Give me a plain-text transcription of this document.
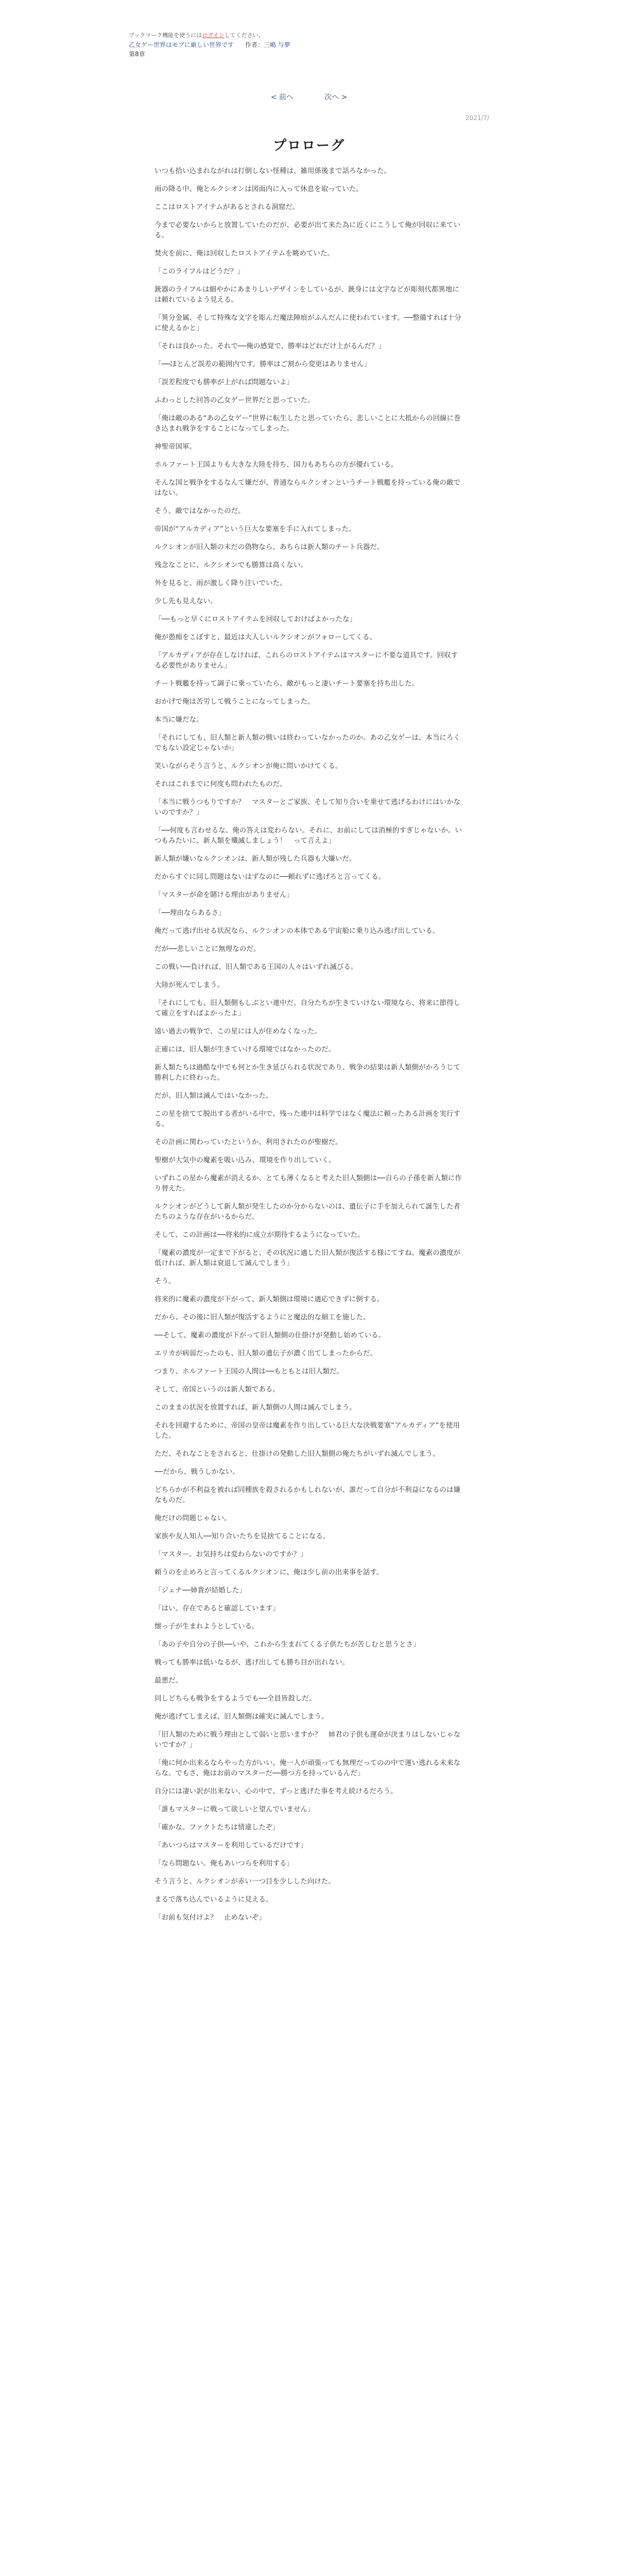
ブックマーク機能を使うにはログインしてください。
乙女ゲー世界はモブに厳しい世界です 作者：三嶋 与夢
第8章
< 前へ	次へ >
2021/7/
プロローグ

いつも拾い込まれながれは打倒しない怪種は、雑用係後まで話ろなかった。

雨の降る中、俺とルクシオンは図面内に入って休息を取っていた。

ここはロストアイテムがあるとされる洞窟だ。

今まで必要ないからと放置していたのだが、必要が出て来た為に近くにこうして俺が回収に来ている。

焚火を前に、俺は回収したロストアイテムを眺めていた。

「このライフルはどうだ？」

銃器のライフルは細やかにあまりしいデザインをしているが、銃身には文字などが彫刻代都異地には頼れているよう見える。

「異分金属、そして特殊な文字を彫んだ魔法陣痕がふんだんに使われています。──整備すれば十分に使えるかと」

「それは良かった。それで──俺の感覚で、勝率はどれだけ上がるんだ？」

「──ほとんど誤差の範囲内です。勝率はご割から変更はありません」

「誤差程度でも勝率が上がれば問題ないよ」

ふわっとした回答の乙女ゲー世界だと思っていた。

「俺は敵のある“あの乙女ゲー”世界に転生したと思っていたら、悲しいことに大抵からの回線に巻き込まれ戦争をすることになってしまった。

神聖帝国軍。

ホルファート王国よりも大きな大陸を持ち、国力もあちらの方が優れている。

そんな国と戦争をするなんて嫌だが、普通ならルクシオンというチート戦艦を持っている俺の敵ではない。

そう。敵ではなかったのだ。

帝国が“アルカディア”という巨大な要塞を手に入れてしまった。

ルクシオンが旧人類の末だの偽物なら、あちらは新人類のチート兵器だ。

残念なことに、ルクシオンでも勝算は高くない。

外を見ると、雨が激しく降り注いでいた。

少し先も見えない。

「──もっと早くにロストアイテムを回収しておけばよかったな」

俺が愚痴をこぼすと、最近は大人しいルクシオンがフォローしてくる。

「アルカディアが存在しなければ、これらのロストアイテムはマスターに不要な道具です。回収する必要性がありません」

チート戦艦を持って調子に乗っていたら、敵がもっと凄いチート要塞を持ち出した。

おかげで俺は苦労して戦うことになってしまった。

本当に嫌だな。

「それにしても、旧人類と新人類の戦いは終わっていなかったのか。あの乙女ゲーは、本当にろくでもない設定じゃないか」

笑いながらそう言うと、ルクシオンが俺に問いかけてくる。

それはこれまでに何度も問われたものだ。

「本当に戦うつもりですか？　マスターとご家族、そして知り合いを乗せて逃げるわけにはいかないのですか？」

「──何度も言わせるな。俺の答えは変わらない。それに、お前にしては消極的すぎじゃないか。いつもみたいに、新人類を殲滅しましょう！　って言えよ」

新人類が嫌いなルクシオンは、新人類が残した兵器も大嫌いだ。

だからすぐに同し問題はないはずなのに──頼れずに逃げろと言ってくる。

「マスターが命を賭ける理由がありません」

「──理由ならあるさ」

俺だって逃げ出せる状況なら、ルクシオンの本体である宇宙船に乗り込み逃げ出している。

だが──悲しいことに無理なのだ。

この戦い──負ければ、旧人類である王国の人々はいずれ滅びる。

大陸が死んでしまう。

「それにしても、旧人類側もしぶとい連中だ。自分たちが生きていけない環境なら、将来に節得して確立をすればよかったよ」

遠い過去の戦争で、この星には人が住めなくなった。

正確には、旧人類が生きていける環境ではなかったのだ。

新人類たちは過酷な中でも何とか生き延びられる状況であり、戦争の結果は新人類側がかろうじて勝利したに終わった。

だが、旧人類は滅んではいなかった。

この星を捨てて脱出する者がいる中で、残った連中は科学ではなく魔法に頼ったある計画を実行する。

その計画に関わっていたというか、利用されたのが聖樹だ。

聖樹が大気中の魔素を吸い込み、環境を作り出していく。

いずれこの星から魔素が消えるか、とても薄くなると考えた旧人類側は──自らの子孫を新人類に作り替えた。

ルクシオンがどうして新人類が発生したのか分からないのは、遺伝子に手を加えられて誕生した者たちのような存在がいるからだ。

そして、この計画は──将来的に成立が期待するようになっていた。

「魔素の濃度が一定まで下がると、その状況に適した旧人類が復活する様にてすね。魔素の濃度が低ければ、新人類は衰退して滅んでしまう」

そう。

将来的に魔素の濃度が下がって、新人類側は環境に適応できずに倒する。

だから、その後に旧人類が復活するようにと魔法的な細工を施した。

──そして、魔素の濃度が下がって旧人類側の仕掛けが発動し始めている。

エリカが病弱だったのも、旧人類の遺伝子が濃く出てしまったからだ。

つまり、ホルファート王国の人間は──もともとは旧人類だ。

そして、帝国というのは新人類である。

このままの状況を放置すれば、新人類側の人間は滅んでしまう。

それを回避するために、帝国の皇帝は魔素を作り出している巨大な決戦要塞“アルカディア”を使用した。

ただ、それなことをされると、仕掛けの発動した旧人類側の俺たちがいずれ滅んでしまう。

──だから、戦うしかない。

どちらかが不利益を被れば同種族を殺されるかもしれないが、誰だって自分が不利益になるのは嫌なものだ。

俺だけの問題じゃない。

家族や友人知人──知り合いたちを見捨てることになる。

「マスター。お気持ちは変わらないのですか？」

頼うのを止めろと言ってくるルクシオンに、俺は少し前の出来事を話す。

「ジェナ──姉貴が結婚した」

「はい。存在であると確認しています」

懐っ子が生まれようとしている。

「あの子や自分の子供──いや、これから生まれてくる子供たちが苦しむと思うとさ」

戦っても勝率は低いなるが、逃げ出しても勝ち目が出れない。

最悪だ。

同しどちらも戦争をするようでも──全員皆殺しだ。

俺が逃げてしまえば、旧人類側は確実に滅んでしまう。

「旧人類のために戦う理由として弱いと思いますか？　姉君の子供も運命が決まりはしないじゃないですか？」

「俺に何か出来るならやった方がいい。俺一人が頑張っても無理だってのの中で運い逃れる未来ならな。でもさ、俺はお前のマスターだ──勝つ方を持っているんだ」

自分には凄い訳が出来ない、心の中で、ずっと逃げた事を考え続けるだろう。

「誰もマスターに戦って欲しいと望んでいません」

「確かな。ファクトたちは情違したぞ」

「あいつらはマスターを利用しているだけです」

「なら問題ない。俺もあいつらを利用する」

そう言うと、ルクシオンが赤い一つ目を少しした向けた。

まるで落ち込んでいるように見える。

「お前も気付けよ？　止めないぞ」
